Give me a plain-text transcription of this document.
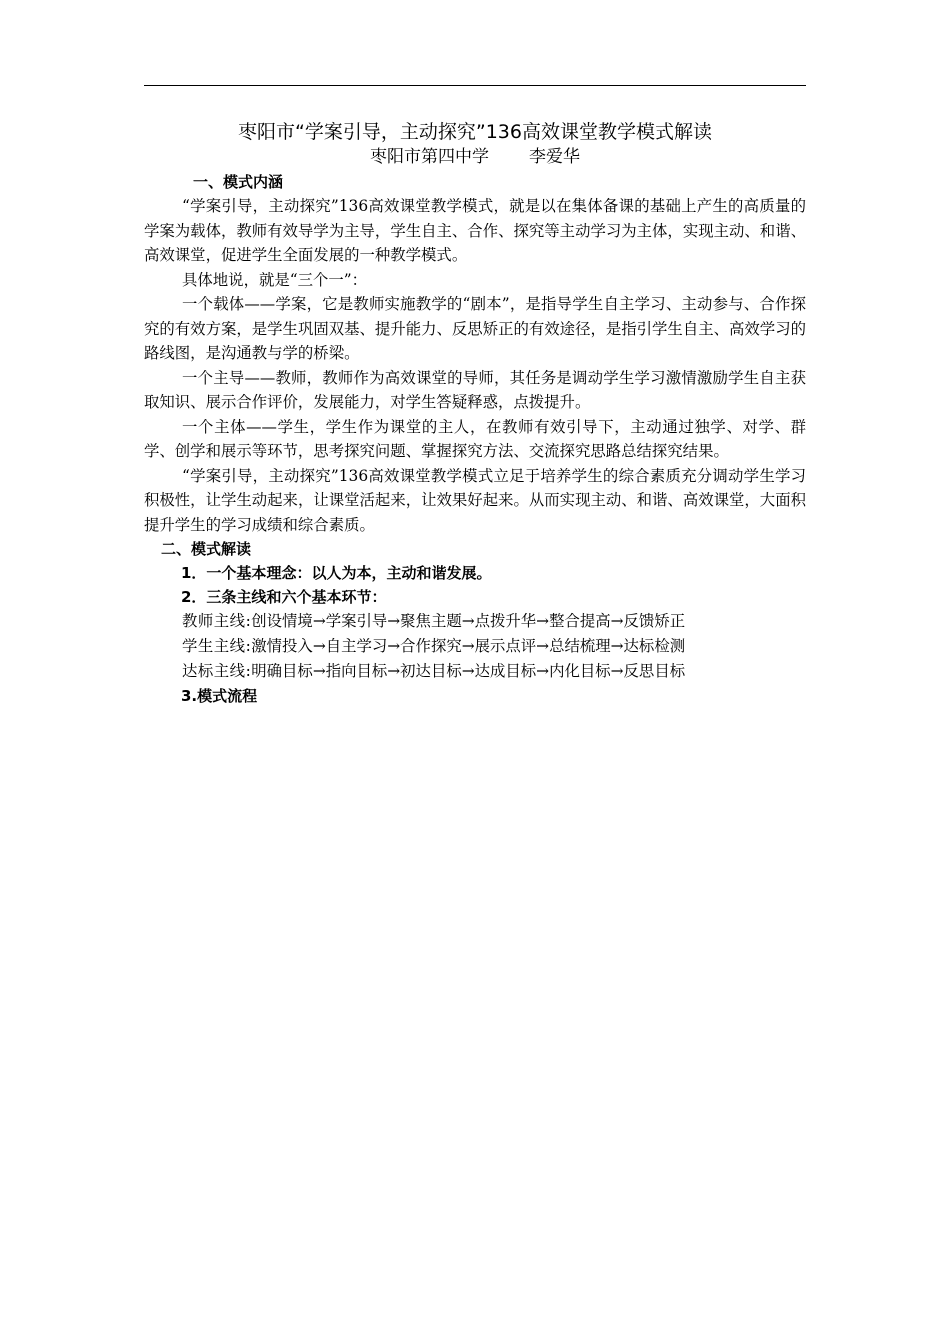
枣阳市“学案引导，主动探究”136高效课堂教学模式解读

枣阳市第四中学 李爱华

一、模式内涵

“学案引导，主动探究”136高效课堂教学模式，就是以在集体备课的基础上产生的高质量的学案为载体，教师有效导学为主导，学生自主、合作、探究等主动学习为主体，实现主动、和谐、高效课堂，促进学生全面发展的一种教学模式。

具体地说，就是“三个一”：

一个载体——学案，它是教师实施教学的“剧本”，是指导学生自主学习、主动参与、合作探究的有效方案，是学生巩固双基、提升能力、反思矫正的有效途径，是指引学生自主、高效学习的路线图，是沟通教与学的桥梁。

一个主导——教师，教师作为高效课堂的导师，其任务是调动学生学习激情激励学生自主获取知识、展示合作评价，发展能力，对学生答疑释惑，点拨提升。

一个主体——学生，学生作为课堂的主人，在教师有效引导下，主动通过独学、对学、群学、创学和展示等环节，思考探究问题、掌握探究方法、交流探究思路总结探究结果。

“学案引导，主动探究”136高效课堂教学模式立足于培养学生的综合素质充分调动学生学习积极性，让学生动起来，让课堂活起来，让效果好起来。从而实现主动、和谐、高效课堂，大面积提升学生的学习成绩和综合素质。

二、模式解读

1．一个基本理念：以人为本，主动和谐发展。

2．三条主线和六个基本环节：

教师主线:创设情境→学案引导→聚焦主题→点拨升华→整合提高→反馈矫正

学生主线:激情投入→自主学习→合作探究→展示点评→总结梳理→达标检测

达标主线:明确目标→指向目标→初达目标→达成目标→内化目标→反思目标

3.模式流程
